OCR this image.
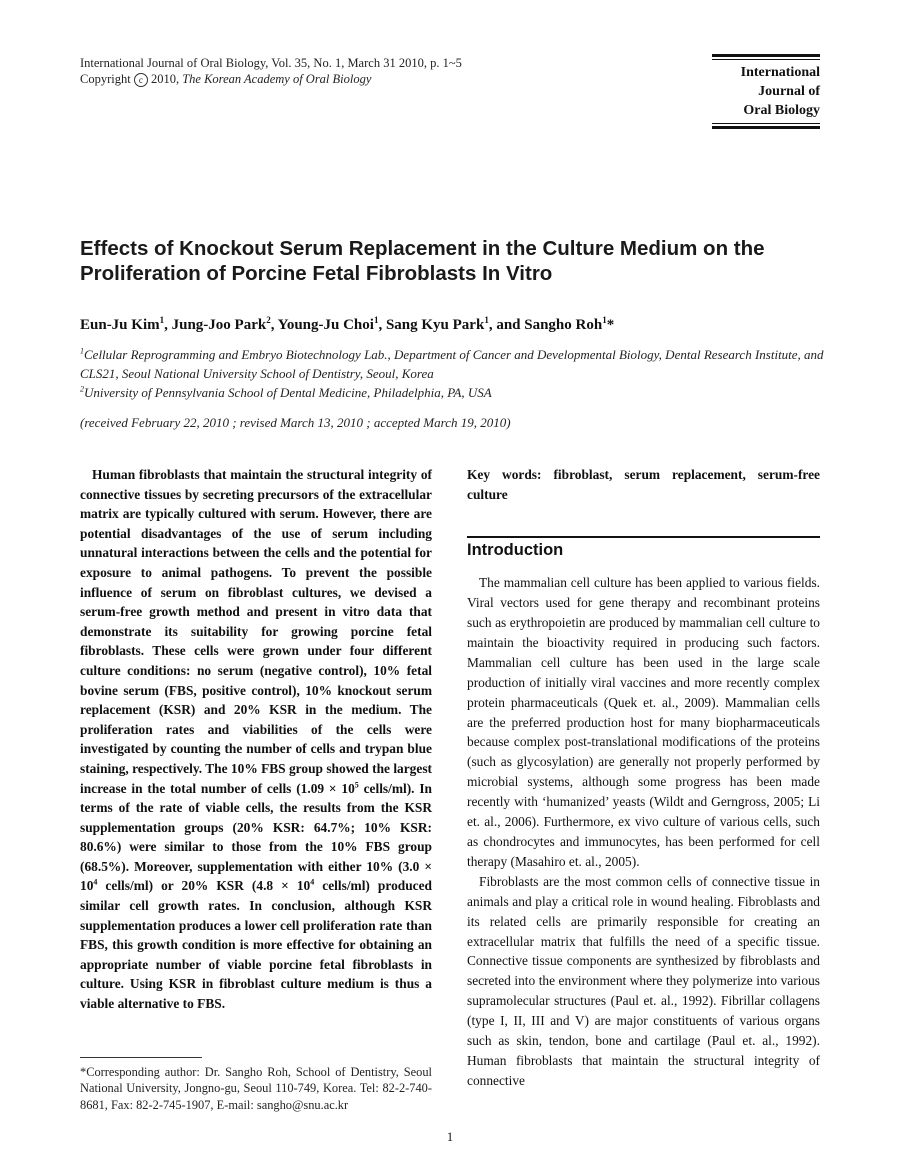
International Journal of Oral Biology, Vol. 35, No. 1, March 31 2010, p. 1~5
Copyright c 2010, The Korean Academy of Oral Biology	International
Journal of
Oral Biology
Effects of Knockout Serum Replacement in the Culture Medium on the Proliferation of Porcine Fetal Fibroblasts In Vitro
Eun-Ju Kim$^1$, Jung-Joo Park$^2$, Young-Ju Choi$^1$, Sang Kyu Park$^1$, and Sangho Roh$^1$*
$^1$Cellular Reprogramming and Embryo Biotechnology Lab., Department of Cancer and Developmental Biology, Dental Research Institute, and CLS21, Seoul National University School of Dentistry, Seoul, Korea
$^2$University of Pennsylvania School of Dental Medicine, Philadelphia, PA, USA
(received February 22, 2010 ; revised March 13, 2010 ; accepted March 19, 2010)
Human fibroblasts that maintain the structural integrity of connective tissues by secreting precursors of the extracellular matrix are typically cultured with serum. However, there are potential disadvantages of the use of serum including unnatural interactions between the cells and the potential for exposure to animal pathogens. To prevent the possible influence of serum on fibroblast cultures, we devised a serum-free growth method and present in vitro data that demonstrate its suitability for growing porcine fetal fibroblasts. These cells were grown under four different culture conditions: no serum (negative control), 10% fetal bovine serum (FBS, positive control), 10% knockout serum replacement (KSR) and 20% KSR in the medium. The proliferation rates and viabilities of the cells were investigated by counting the number of cells and trypan blue staining, respectively. The 10% FBS group showed the largest increase in the total number of cells ($1.09 \times 10^5$ cells/ml). In terms of the rate of viable cells, the results from the KSR supplementation groups (20% KSR: 64.7%; 10% KSR: 80.6%) were similar to those from the 10% FBS group (68.5%). Moreover, supplementation with either 10% ($3.0 \times 10^4$ cells/ml) or 20% KSR ($4.8 \times 10^4$ cells/ml) produced similar cell growth rates. In conclusion, although KSR supplementation produces a lower cell proliferation rate than FBS, this growth condition is more effective for obtaining an appropriate number of viable porcine fetal fibroblasts in culture. Using KSR in fibroblast culture medium is thus a viable alternative to FBS.
*Corresponding author: Dr. Sangho Roh, School of Dentistry, Seoul National University, Jongno-gu, Seoul 110-749, Korea. Tel: 82-2-740-8681, Fax: 82-2-745-1907, E-mail: sangho@snu.ac.kr
Key words: fibroblast, serum replacement, serum-free culture
Introduction

The mammalian cell culture has been applied to various fields. Viral vectors used for gene therapy and recombinant proteins such as erythropoietin are produced by mammalian cell culture to maintain the bioactivity required in producing such factors. Mammalian cell culture has been used in the large scale production of initially viral vaccines and more recently complex protein pharmaceuticals (Quek et. al., 2009). Mammalian cells are the preferred production host for many biopharmaceuticals because complex post-translational modifications of the proteins (such as glycosylation) are generally not properly performed by microbial systems, although some progress has been made recently with ‘humanized’ yeasts (Wildt and Gerngross, 2005; Li et. al., 2006). Furthermore, ex vivo culture of various cells, such as chondrocytes and immunocytes, has been performed for cell therapy (Masahiro et. al., 2005).

Fibroblasts are the most common cells of connective tissue in animals and play a critical role in wound healing. Fibroblasts and its related cells are primarily responsible for creating an extracellular matrix that fulfills the need of a specific tissue. Connective tissue components are synthesized by fibroblasts and secreted into the environment where they polymerize into various supramolecular structures (Paul et. al., 1992). Fibrillar collagens (type I, II, III and V) are major constituents of various organs such as skin, tendon, bone and cartilage (Paul et. al., 1992). Human fibroblasts that maintain the structural integrity of connective

1
